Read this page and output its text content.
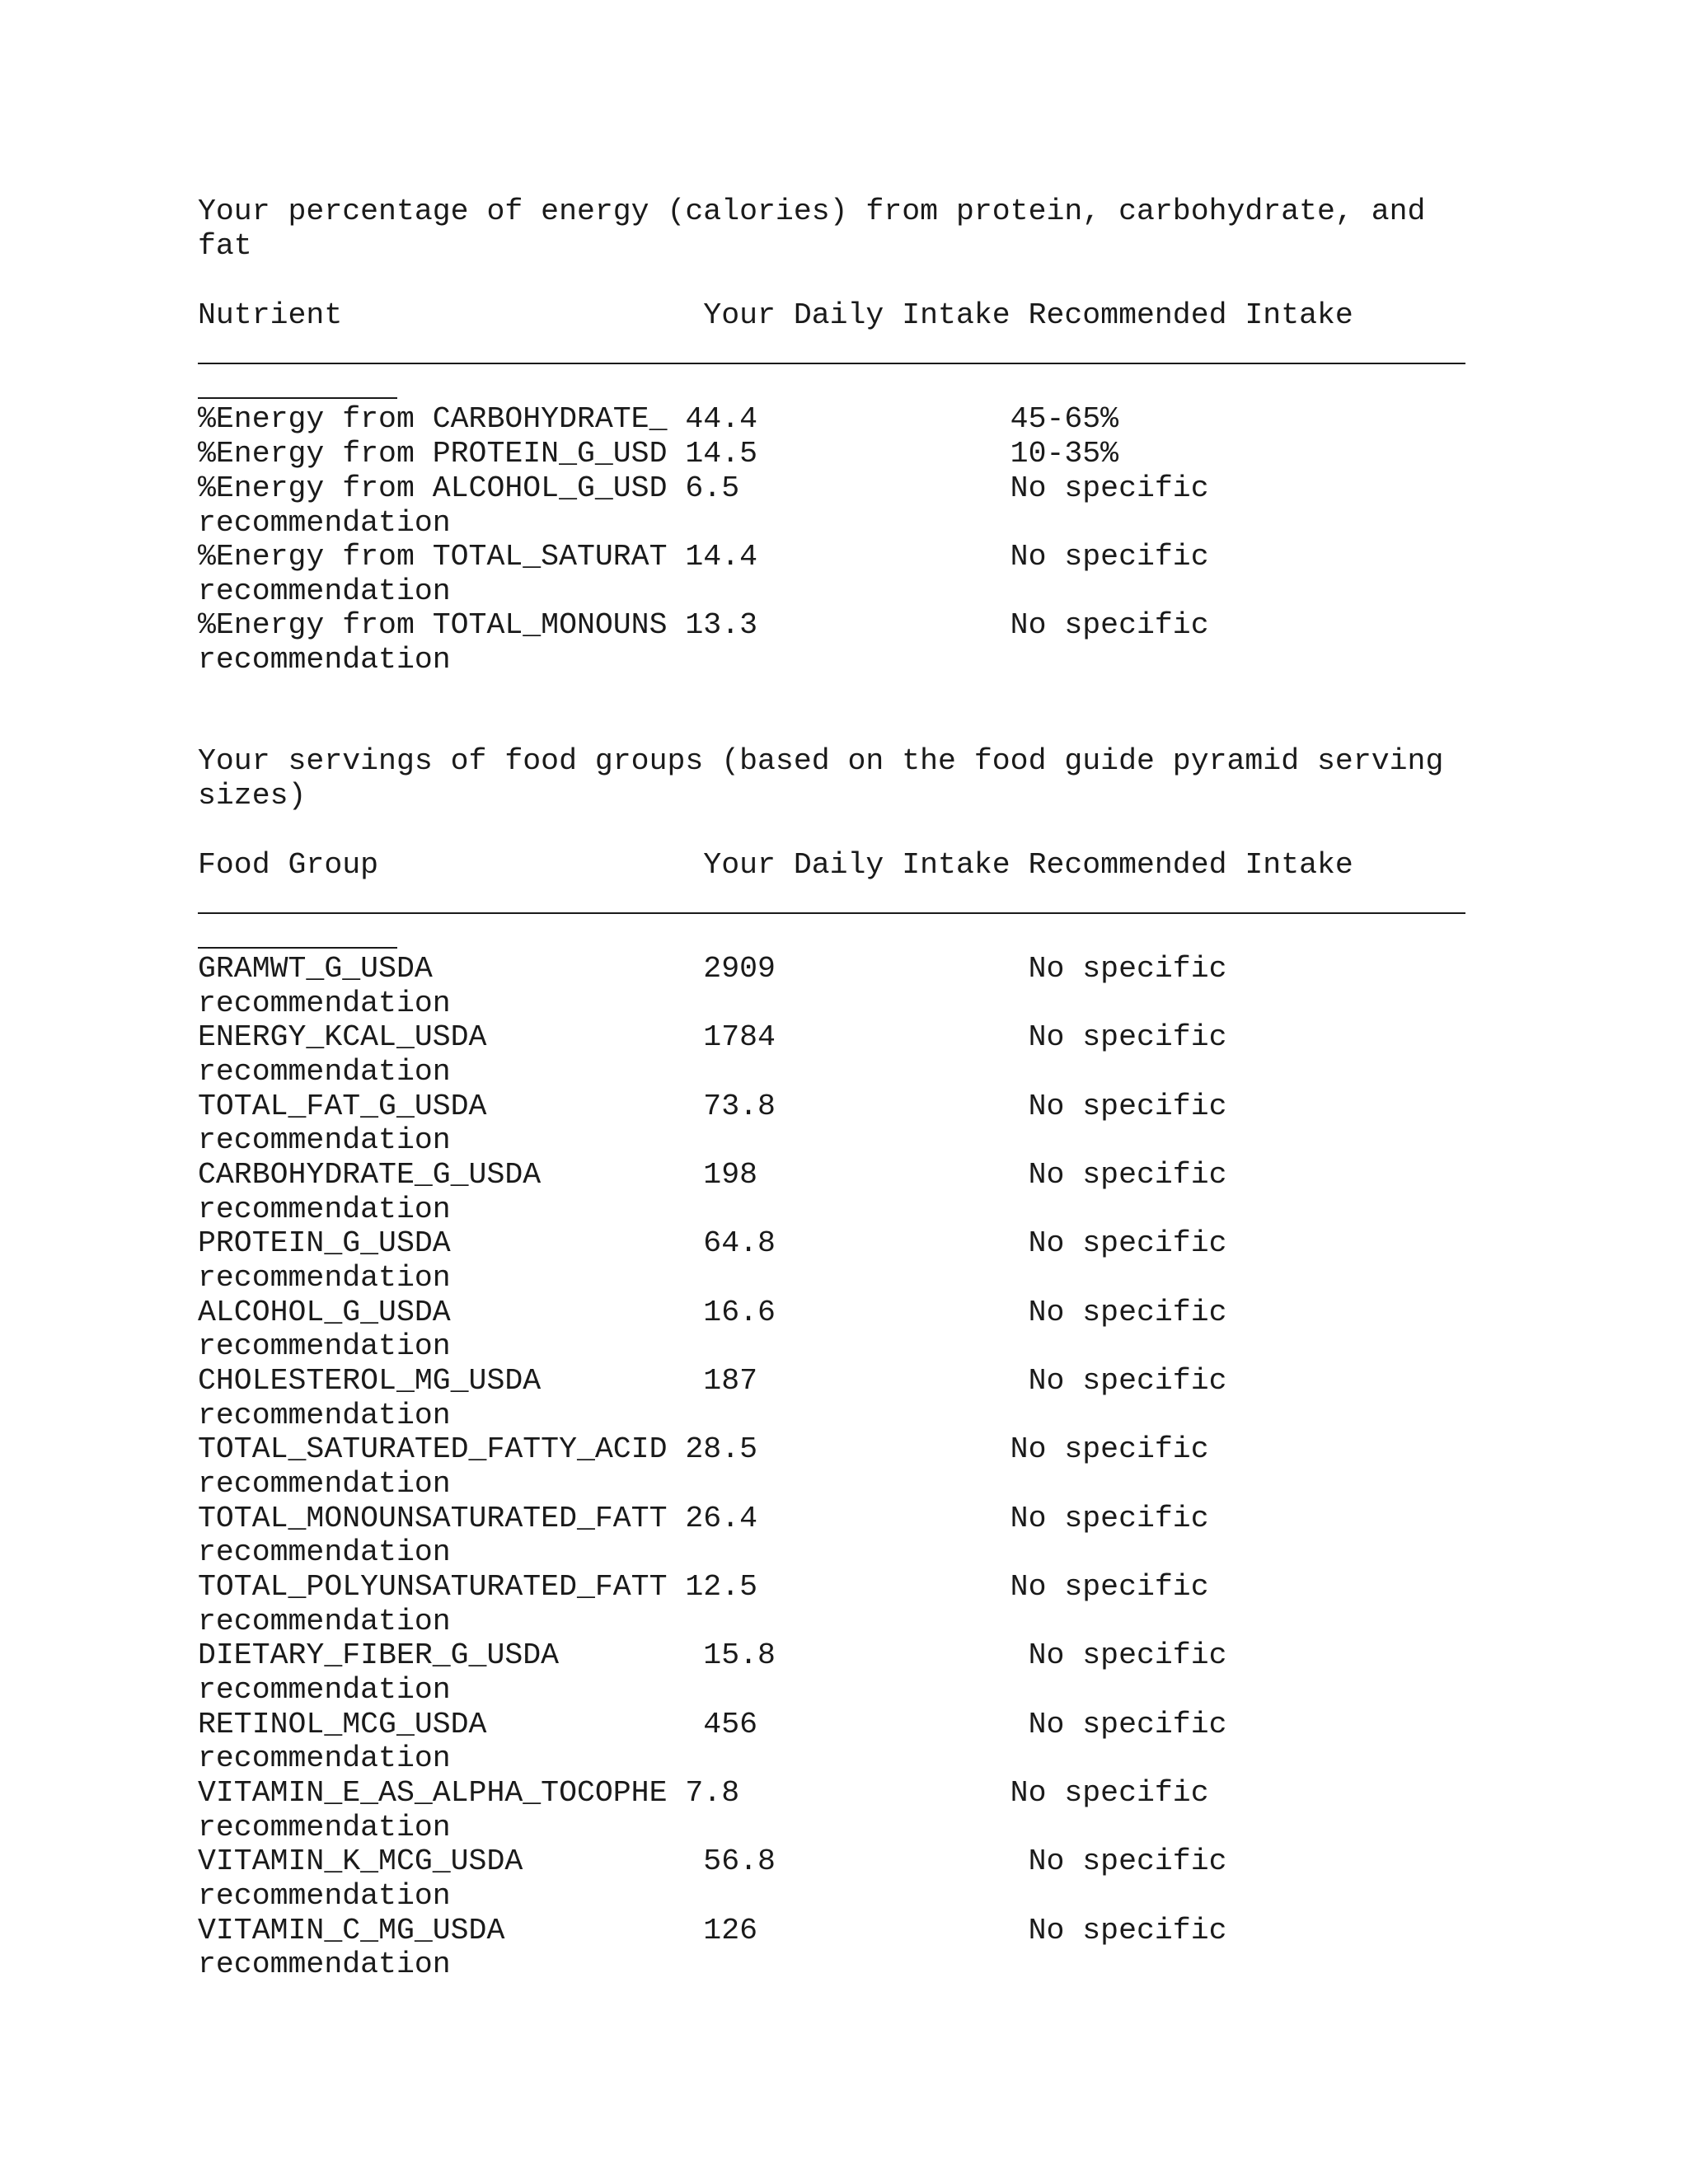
Your percentage of energy (calories) from protein, carbohydrate, and

fat

Nutrient                    Your Daily Intake Recommended Intake

%Energy from CARBOHYDRATE_ 44.4              45-65%

%Energy from PROTEIN_G_USD 14.5              10-35%

%Energy from ALCOHOL_G_USD 6.5               No specific

recommendation

%Energy from TOTAL_SATURAT 14.4              No specific

recommendation

%Energy from TOTAL_MONOUNS 13.3              No specific

recommendation

Your servings of food groups (based on the food guide pyramid serving

sizes)

Food Group                  Your Daily Intake Recommended Intake

GRAMWT_G_USDA               2909              No specific

recommendation

ENERGY_KCAL_USDA            1784              No specific

recommendation

TOTAL_FAT_G_USDA            73.8              No specific

recommendation

CARBOHYDRATE_G_USDA         198               No specific

recommendation

PROTEIN_G_USDA              64.8              No specific

recommendation

ALCOHOL_G_USDA              16.6              No specific

recommendation

CHOLESTEROL_MG_USDA         187               No specific

recommendation

TOTAL_SATURATED_FATTY_ACID 28.5              No specific

recommendation

TOTAL_MONOUNSATURATED_FATT 26.4              No specific

recommendation

TOTAL_POLYUNSATURATED_FATT 12.5              No specific

recommendation

DIETARY_FIBER_G_USDA        15.8              No specific

recommendation

RETINOL_MCG_USDA            456               No specific

recommendation

VITAMIN_E_AS_ALPHA_TOCOPHE 7.8               No specific

recommendation

VITAMIN_K_MCG_USDA          56.8              No specific

recommendation

VITAMIN_C_MG_USDA           126               No specific

recommendation
